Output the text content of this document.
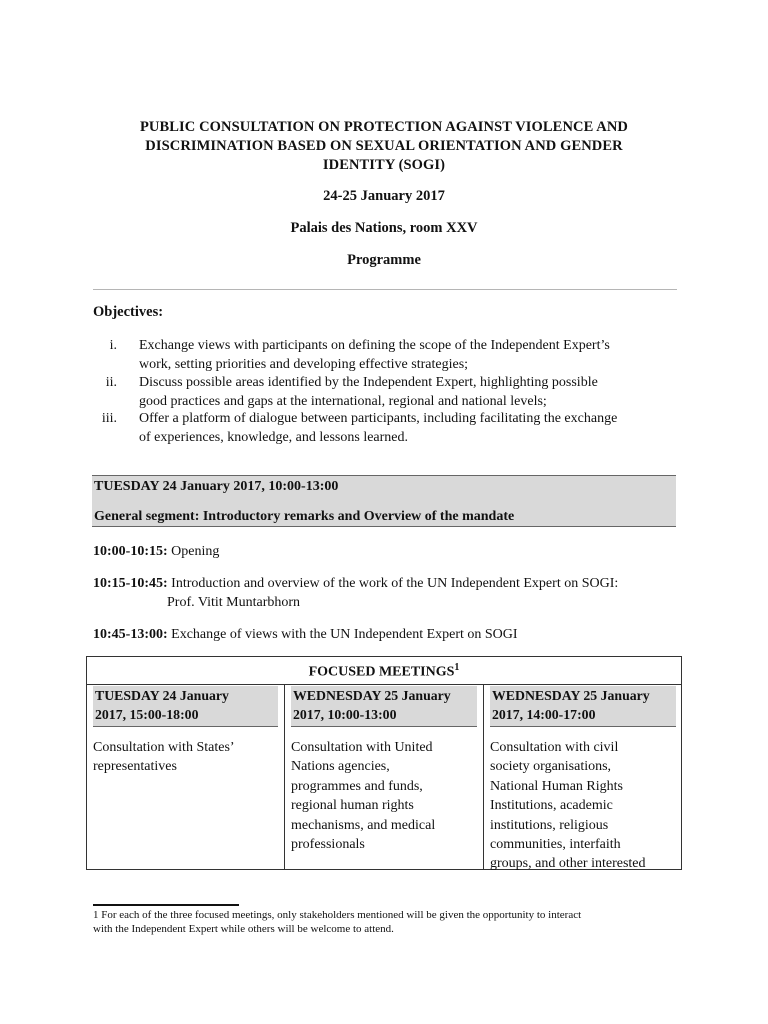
PUBLIC CONSULTATION ON PROTECTION AGAINST VIOLENCE AND
DISCRIMINATION BASED ON SEXUAL ORIENTATION AND GENDER
IDENTITY (SOGI)
24-25 January 2017
Palais des Nations, room XXV
Programme
Objectives:
i. Exchange views with participants on defining the scope of the Independent Expert’s
work, setting priorities and developing effective strategies;
ii. Discuss possible areas identified by the Independent Expert, highlighting possible
good practices and gaps at the international, regional and national levels;
iii. Offer a platform of dialogue between participants, including facilitating the exchange
of experiences, knowledge, and lessons learned.
TUESDAY 24 January 2017, 10:00-13:00
General segment: Introductory remarks and Overview of the mandate
10:00-10:15: Opening
10:15-10:45: Introduction and overview of the work of the UN Independent Expert on SOGI:
Prof. Vitit Muntarbhorn
10:45-13:00: Exchange of views with the UN Independent Expert on SOGI
FOCUSED MEETINGS$^1$
TUESDAY 24 January
2017, 15:00-18:00
Consultation with States’
representatives
WEDNESDAY 25 January
2017, 10:00-13:00
Consultation with United
Nations agencies,
programmes and funds,
regional human rights
mechanisms, and medical
professionals
WEDNESDAY 25 January
2017, 14:00-17:00
Consultation with civil
society organisations,
National Human Rights
Institutions, academic
institutions, religious
communities, interfaith
groups, and other interested
1 For each of the three focused meetings, only stakeholders mentioned will be given the opportunity to interact
with the Independent Expert while others will be welcome to attend.
